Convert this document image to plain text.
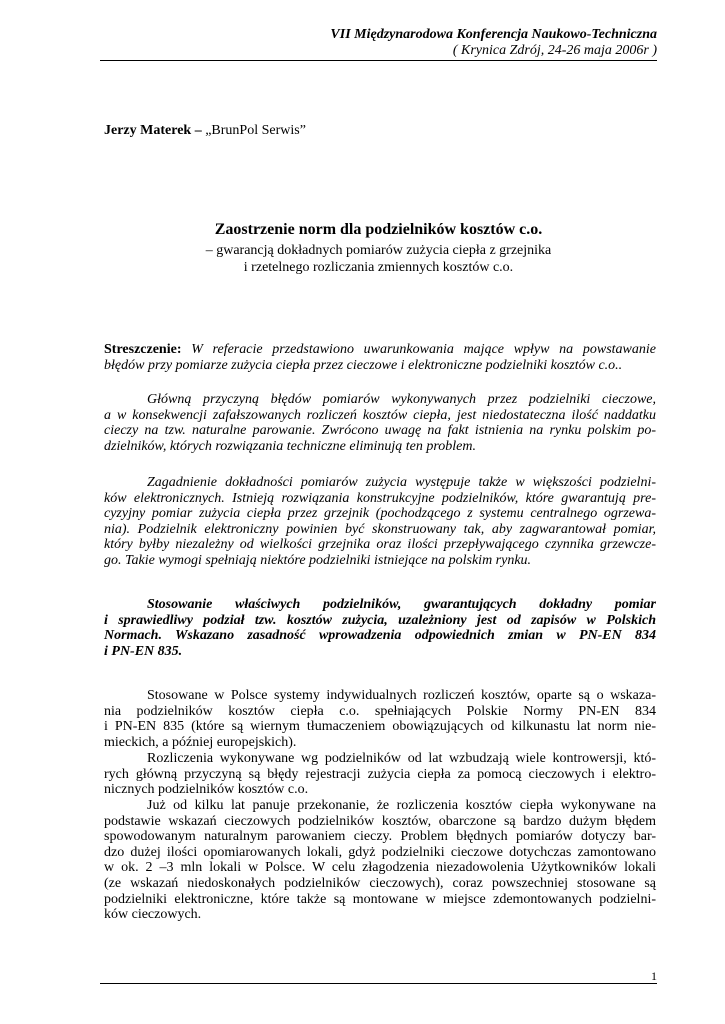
VII Międzynarodowa Konferencja Naukowo-Techniczna
( Krynica Zdrój, 24-26 maja 2006r )
Jerzy Materek – „BrunPol Serwis”
Zaostrzenie norm dla podzielników kosztów c.o.
– gwarancją dokładnych pomiarów zużycia ciepła z grzejnika
i rzetelnego rozliczania zmiennych kosztów c.o.
Streszczenie: W referacie przedstawiono uwarunkowania mające wpływ na powstawanie
błędów przy pomiarze zużycia ciepła przez cieczowe i elektroniczne podzielniki kosztów c.o..
Główną przyczyną błędów pomiarów wykonywanych przez podzielniki cieczowe,
a w konsekwencji zafałszowanych rozliczeń kosztów ciepła, jest niedostateczna ilość naddatku
cieczy na tzw. naturalne parowanie. Zwrócono uwagę na fakt istnienia na rynku polskim po-
dzielników, których rozwiązania techniczne eliminują ten problem.
Zagadnienie dokładności pomiarów zużycia występuje także w większości podzielni-
ków elektronicznych. Istnieją rozwiązania konstrukcyjne podzielników, które gwarantują pre-
cyzyjny pomiar zużycia ciepła przez grzejnik (pochodzącego z systemu centralnego ogrzewa-
nia). Podzielnik elektroniczny powinien być skonstruowany tak, aby zagwarantował pomiar,
który byłby niezależny od wielkości grzejnika oraz ilości przepływającego czynnika grzewcze-
go. Takie wymogi spełniają niektóre podzielniki istniejące na polskim rynku.
Stosowanie właściwych podzielników, gwarantujących dokładny pomiar
i sprawiedliwy podział tzw. kosztów zużycia, uzależniony jest od zapisów w Polskich
Normach. Wskazano zasadność wprowadzenia odpowiednich zmian w PN-EN 834
i PN-EN 835.
Stosowane w Polsce systemy indywidualnych rozliczeń kosztów, oparte są o wskaza-
nia podzielników kosztów ciepła c.o. spełniających Polskie Normy PN-EN 834
i PN-EN 835 (które są wiernym tłumaczeniem obowiązujących od kilkunastu lat norm nie-
mieckich, a później europejskich).
Rozliczenia wykonywane wg podzielników od lat wzbudzają wiele kontrowersji, któ-
rych główną przyczyną są błędy rejestracji zużycia ciepła za pomocą cieczowych i elektro-
nicznych podzielników kosztów c.o.
Już od kilku lat panuje przekonanie, że rozliczenia kosztów ciepła wykonywane na
podstawie wskazań cieczowych podzielników kosztów, obarczone są bardzo dużym błędem
spowodowanym naturalnym parowaniem cieczy. Problem błędnych pomiarów dotyczy bar-
dzo dużej ilości opomiarowanych lokali, gdyż podzielniki cieczowe dotychczas zamontowano
w ok. 2 –3 mln lokali w Polsce. W celu złagodzenia niezadowolenia Użytkowników lokali
(ze wskazań niedoskonałych podzielników cieczowych), coraz powszechniej stosowane są
podzielniki elektroniczne, które także są montowane w miejsce zdemontowanych podzielni-
ków cieczowych.
1
